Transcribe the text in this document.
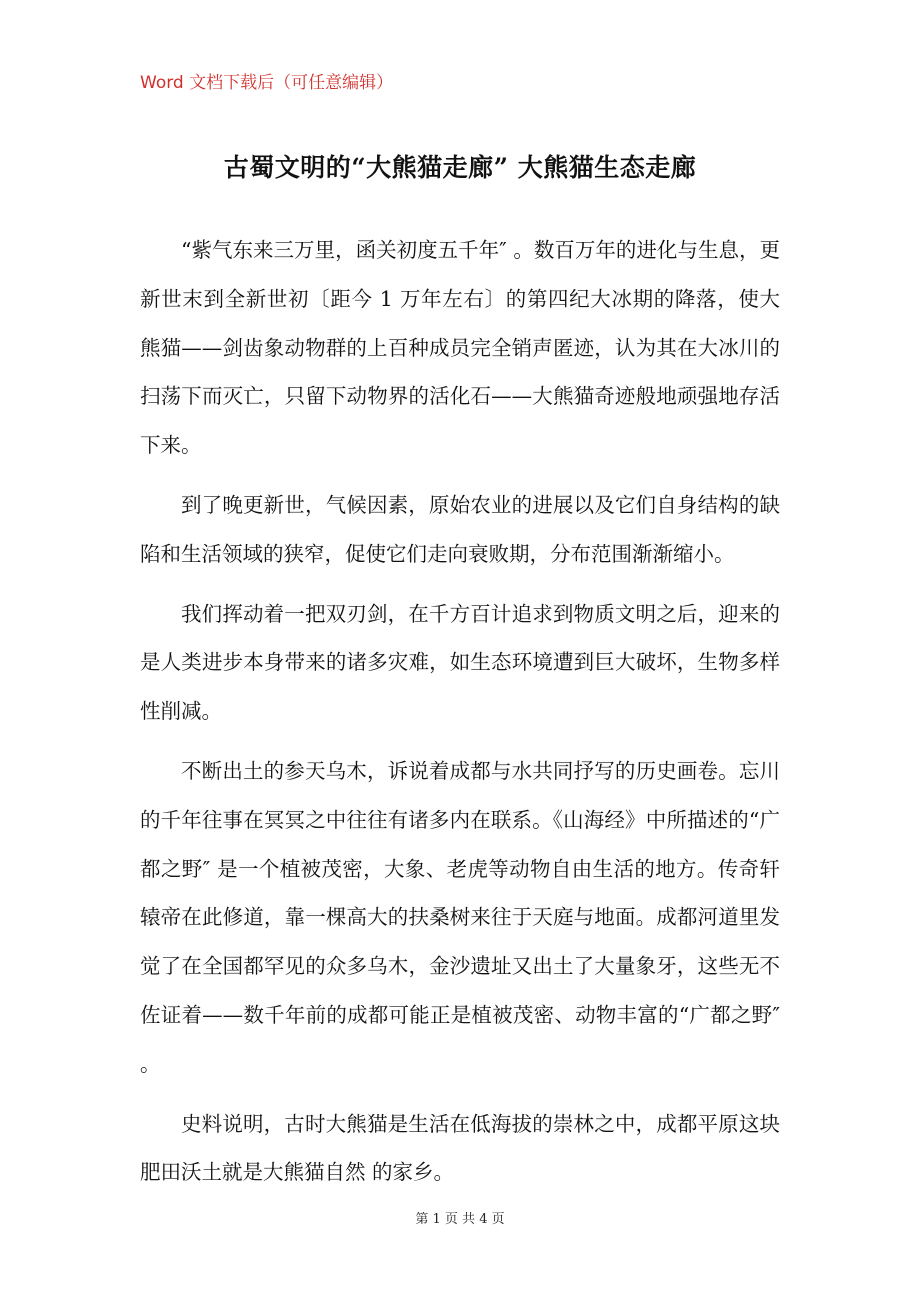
Word 文档下载后（可任意编辑）
古蜀文明的“大熊猫走廊” 大熊猫生态走廊

“紫气东来三万里，函关初度五千年″ 。数百万年的进化与生息，更新世末到全新世初〔距今 1 万年左右〕的第四纪大冰期的降落，使大熊猫——剑齿象动物群的上百种成员完全销声匿迹，认为其在大冰川的扫荡下而灭亡，只留下动物界的活化石——大熊猫奇迹般地顽强地存活下来。

到了晚更新世，气候因素，原始农业的进展以及它们自身结构的缺陷和生活领域的狭窄，促使它们走向衰败期，分布范围渐渐缩小。

我们挥动着一把双刃剑，在千方百计追求到物质文明之后，迎来的是人类进步本身带来的诸多灾难，如生态环境遭到巨大破坏，生物多样性削减。

不断出土的参天乌木，诉说着成都与水共同抒写的历史画卷。忘川的千年往事在冥冥之中往往有诸多内在联系。《山海经》中所描述的“广都之野″ 是一个植被茂密，大象、老虎等动物自由生活的地方。传奇轩辕帝在此修道，靠一棵高大的扶桑树来往于天庭与地面。成都河道里发觉了在全国都罕见的众多乌木，金沙遗址又出土了大量象牙，这些无不佐证着——数千年前的成都可能正是植被茂密、动物丰富的“广都之野″ 。

史料说明，古时大熊猫是生活在低海拔的崇林之中，成都平原这块肥田沃土就是大熊猫自然 的家乡。

第 1 页 共 4 页
